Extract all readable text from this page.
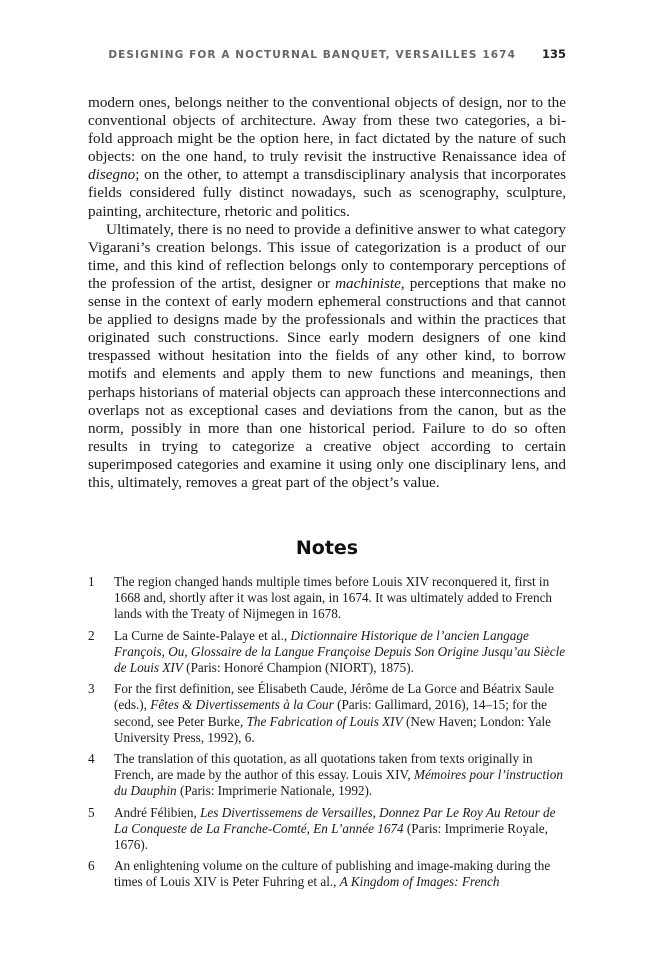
DESIGNING FOR A NOCTURNAL BANQUET, VERSAILLES 1674 135

modern ones, belongs neither to the conventional objects of design, nor to the conventional objects of architecture. Away from these two categories, a bi-fold approach might be the option here, in fact dictated by the nature of such objects: on the one hand, to truly revisit the instructive Renaissance idea of disegno; on the other, to attempt a transdisciplinary analysis that incorporates fields considered fully distinct nowadays, such as scenography, sculpture, painting, architecture, rhetoric and politics.

Ultimately, there is no need to provide a definitive answer to what category Vigarani’s creation belongs. This issue of categorization is a product of our time, and this kind of reflection belongs only to contemporary perceptions of the profession of the artist, designer or machiniste, perceptions that make no sense in the context of early modern ephemeral constructions and that cannot be applied to designs made by the professionals and within the practices that originated such constructions. Since early modern designers of one kind trespassed without hesitation into the fields of any other kind, to borrow motifs and elements and apply them to new functions and meanings, then perhaps historians of material objects can approach these interconnections and overlaps not as exceptional cases and deviations from the canon, but as the norm, possibly in more than one historical period. Failure to do so often results in trying to categorize a creative object according to certain superimposed categories and examine it using only one disciplinary lens, and this, ultimately, removes a great part of the object’s value.

Notes
1	The region changed hands multiple times before Louis XIV reconquered it, first in 1668 and, shortly after it was lost again, in 1674. It was ultimately added to French lands with the Treaty of Nijmegen in 1678.
2	La Curne de Sainte-Palaye et al., Dictionnaire Historique de l’ancien Langage François, Ou, Glossaire de la Langue Françoise Depuis Son Origine Jusqu’au Siècle de Louis XIV (Paris: Honoré Champion (NIORT), 1875).
3	For the first definition, see Élisabeth Caude, Jérôme de La Gorce and Béatrix Saule (eds.), Fêtes & Divertissements à la Cour (Paris: Gallimard, 2016), 14–15; for the second, see Peter Burke, The Fabrication of Louis XIV (New Haven; London: Yale University Press, 1992), 6.
4	The translation of this quotation, as all quotations taken from texts originally in French, are made by the author of this essay. Louis XIV, Mémoires pour l’instruction du Dauphin (Paris: Imprimerie Nationale, 1992).
5	André Félibien, Les Divertissemens de Versailles, Donnez Par Le Roy Au Retour de La Conqueste de La Franche-Comté, En L’année 1674 (Paris: Imprimerie Royale, 1676).
6	An enlightening volume on the culture of publishing and image-making during the times of Louis XIV is Peter Fuhring et al., A Kingdom of Images: French
